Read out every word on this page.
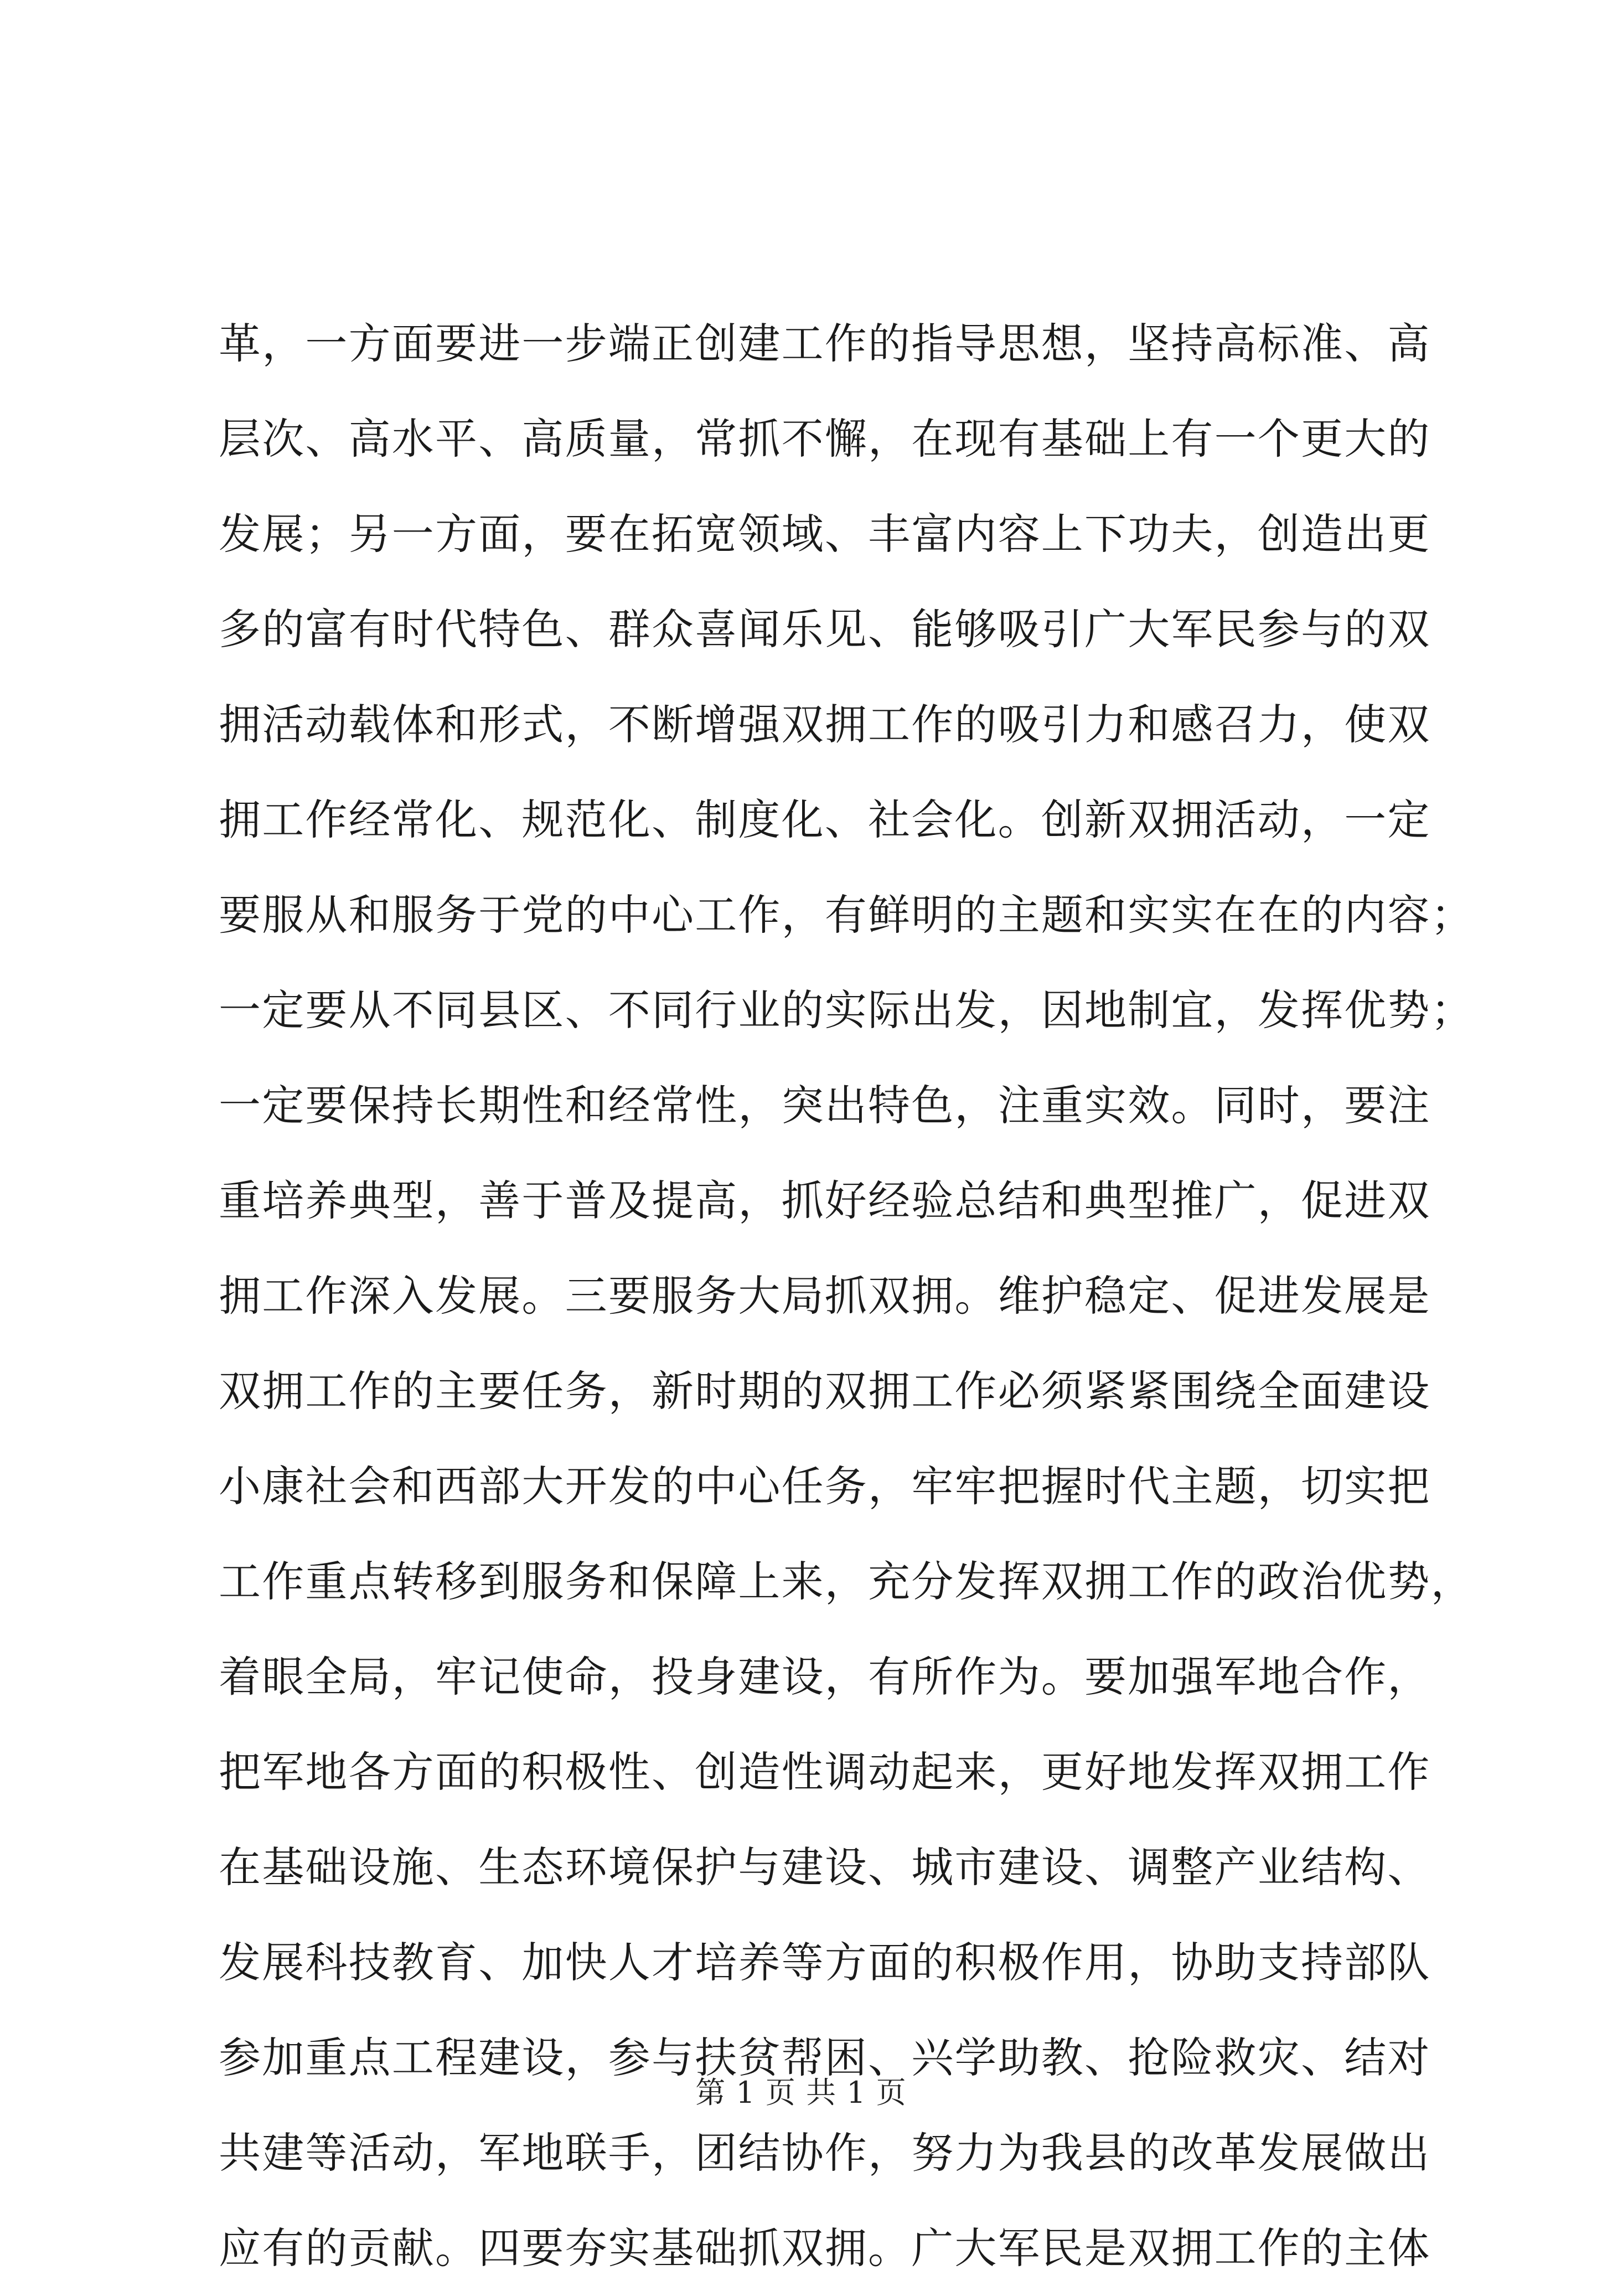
革，一方面要进一步端正创建工作的指导思想，坚持高标准、高
层次、高水平、高质量，常抓不懈，在现有基础上有一个更大的
发展；另一方面，要在拓宽领域、丰富内容上下功夫，创造出更
多的富有时代特色、群众喜闻乐见、能够吸引广大军民参与的双
拥活动载体和形式，不断增强双拥工作的吸引力和感召力，使双
拥工作经常化、规范化、制度化、社会化。创新双拥活动，一定
要服从和服务于党的中心工作，有鲜明的主题和实实在在的内容；
一定要从不同县区、不同行业的实际出发，因地制宜，发挥优势；
一定要保持长期性和经常性，突出特色，注重实效。同时，要注
重培养典型，善于普及提高，抓好经验总结和典型推广，促进双
拥工作深入发展。三要服务大局抓双拥。维护稳定、促进发展是
双拥工作的主要任务，新时期的双拥工作必须紧紧围绕全面建设
小康社会和西部大开发的中心任务，牢牢把握时代主题，切实把
工作重点转移到服务和保障上来，充分发挥双拥工作的政治优势，
着眼全局，牢记使命，投身建设，有所作为。要加强军地合作，
把军地各方面的积极性、创造性调动起来，更好地发挥双拥工作
在基础设施、生态环境保护与建设、城市建设、调整产业结构、
发展科技教育、加快人才培养等方面的积极作用，协助支持部队
参加重点工程建设，参与扶贫帮困、兴学助教、抢险救灾、结对
共建等活动，军地联手，团结协作，努力为我县的改革发展做出
应有的贡献。四要夯实基础抓双拥。广大军民是双拥工作的主体
第 1 页 共 1 页
